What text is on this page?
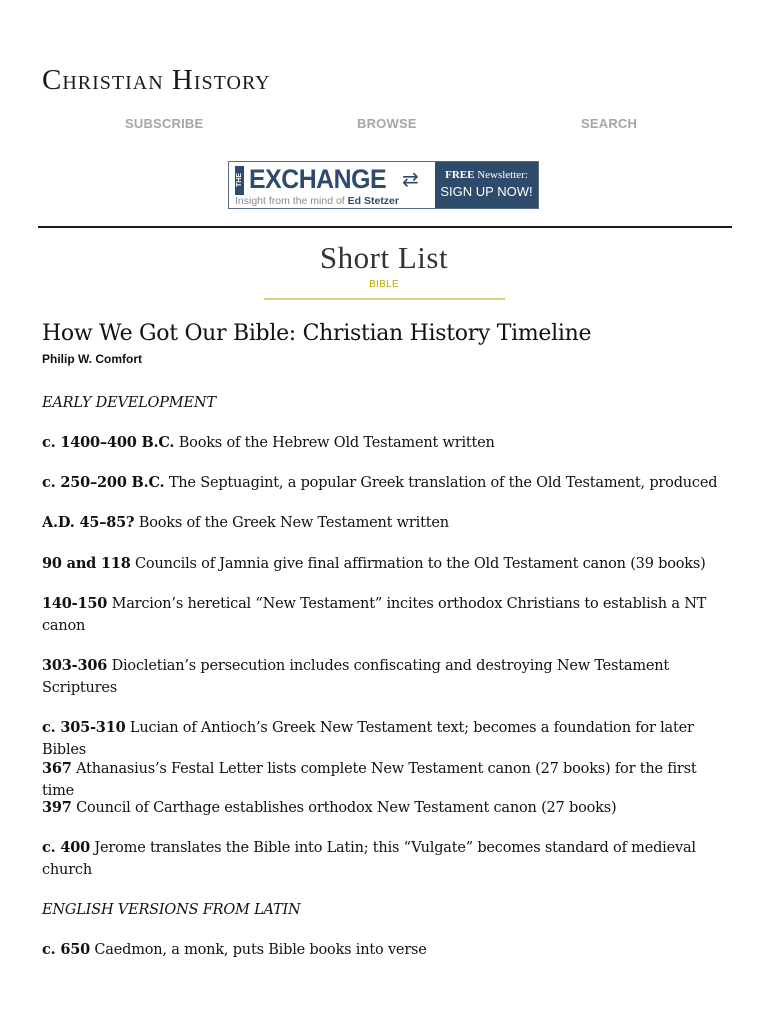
Christian History
SUBSCRIBE	BROWSE	SEARCH
THE EXCHANGE ⇄
Insight from the mind of Ed Stetzer
FREE Newsletter:
SIGN UP NOW!
Short List
BIBLE
How We Got Our Bible: Christian History Timeline
Philip W. Comfort
EARLY DEVELOPMENT
c. 1400–400 B.C. Books of the Hebrew Old Testament written
c. 250–200 B.C. The Septuagint, a popular Greek translation of the Old Testament, produced
A.D. 45–85? Books of the Greek New Testament written
90 and 118 Councils of Jamnia give final affirmation to the Old Testament canon (39 books)
140-150 Marcion’s heretical “New Testament” incites orthodox Christians to establish a NT canon
303-306 Diocletian’s persecution includes confiscating and destroying New Testament Scriptures
c. 305-310 Lucian of Antioch’s Greek New Testament text; becomes a foundation for later Bibles
367 Athanasius’s Festal Letter lists complete New Testament canon (27 books) for the first time
397 Council of Carthage establishes orthodox New Testament canon (27 books)
c. 400 Jerome translates the Bible into Latin; this “Vulgate” becomes standard of medieval church
ENGLISH VERSIONS FROM LATIN
c. 650 Caedmon, a monk, puts Bible books into verse
